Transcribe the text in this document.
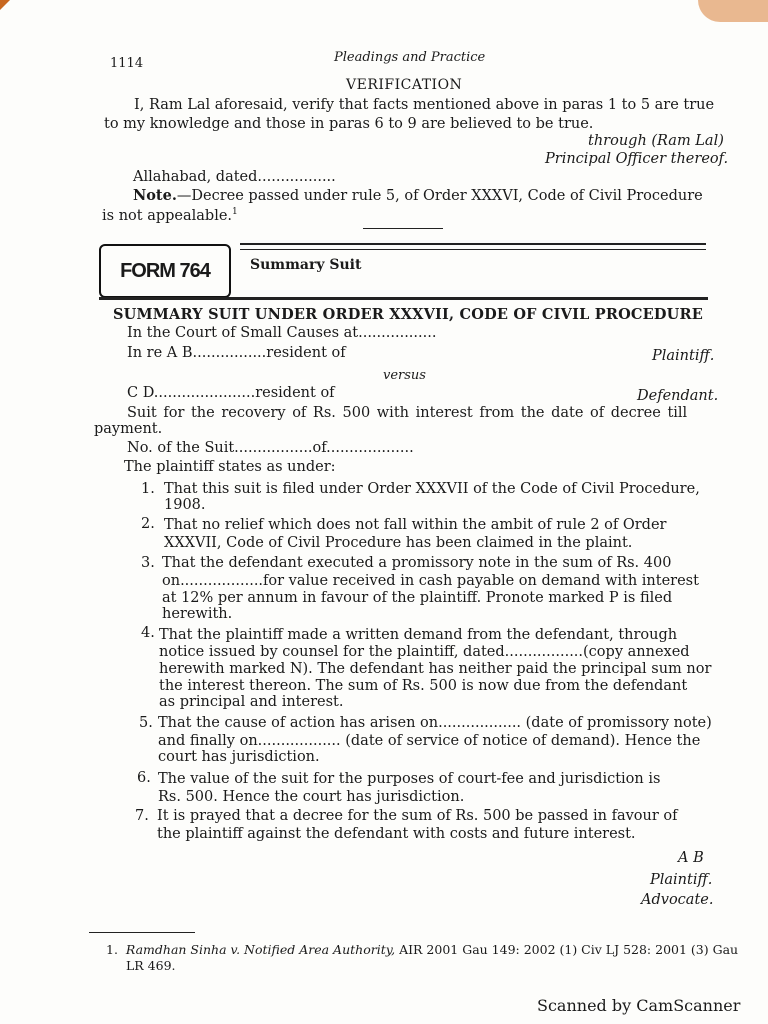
1114	Pleadings and Practice
VERIFICATION
I, Ram Lal aforesaid, verify that facts mentioned above in paras 1 to 5 are true
to my knowledge and those in paras 6 to 9 are believed to be true.
through (Ram Lal)
Principal Officer thereof.
Allahabad, dated.................
Note.—Decree passed under rule 5, of Order XXXVI, Code of Civil Procedure
is not appealable.$^1$
FORM 764	Summary Suit
SUMMARY SUIT UNDER ORDER XXXVII, CODE OF CIVIL PROCEDURE
In the Court of Small Causes at.................
In re A B................resident of	Plaintiff.
versus
C D......................resident of	Defendant.
Suit for the recovery of Rs. 500 with interest from the date of decree till
payment.
No. of the Suit.................of...................
The plaintiff states as under:
1. That this suit is filed under Order XXXVII of the Code of Civil Procedure,
1908.
2. That no relief which does not fall within the ambit of rule 2 of Order
XXXVII, Code of Civil Procedure has been claimed in the plaint.
3. That the defendant executed a promissory note in the sum of Rs. 400
on..................for value received in cash payable on demand with interest
at 12% per annum in favour of the plaintiff. Pronote marked P is filed
herewith.
4. That the plaintiff made a written demand from the defendant, through
notice issued by counsel for the plaintiff, dated.................(copy annexed
herewith marked N). The defendant has neither paid the principal sum nor
the interest thereon. The sum of Rs. 500 is now due from the defendant
as principal and interest.
5. That the cause of action has arisen on.................. (date of promissory note)
and finally on.................. (date of service of notice of demand). Hence the
court has jurisdiction.
6. The value of the suit for the purposes of court-fee and jurisdiction is
Rs. 500. Hence the court has jurisdiction.
7. It is prayed that a decree for the sum of Rs. 500 be passed in favour of
the plaintiff against the defendant with costs and future interest.
A B
Plaintiff.
Advocate.
1. Ramdhan Sinha v. Notified Area Authority, AIR 2001 Gau 149: 2002 (1) Civ LJ 528: 2001 (3) Gau
LR 469.
Scanned by CamScanner
